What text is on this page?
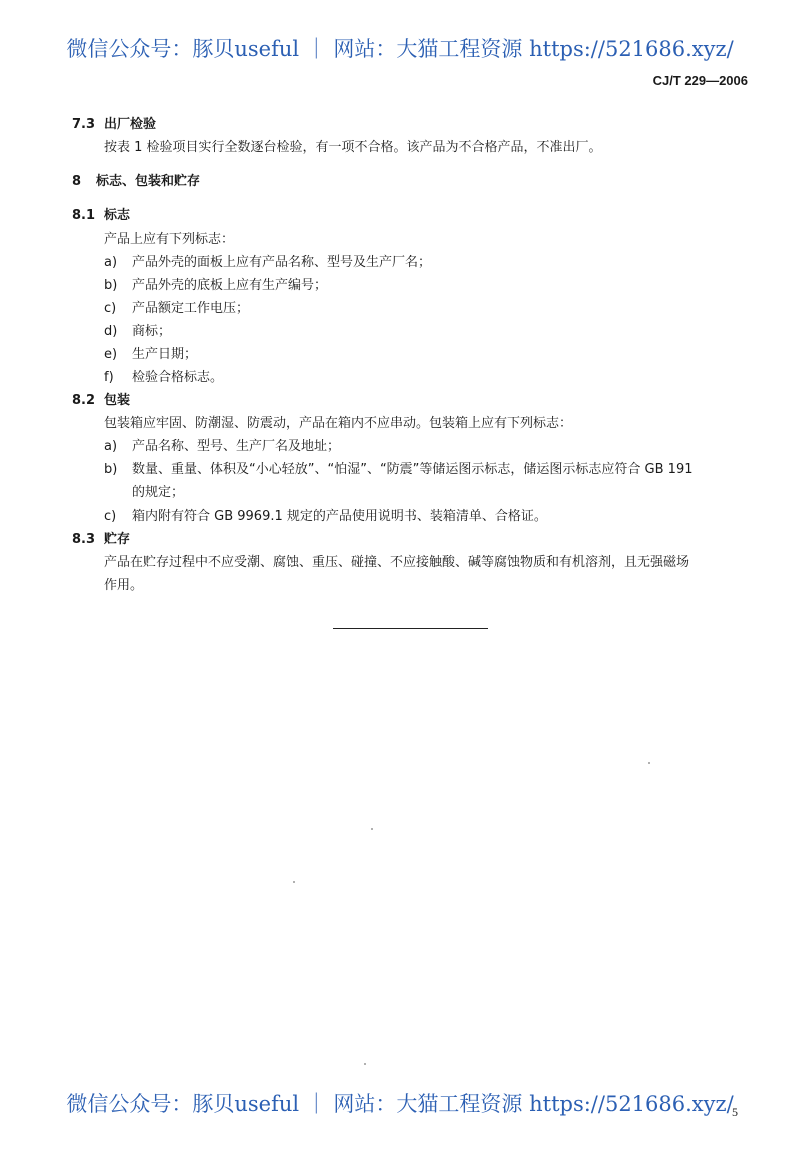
微信公众号：豚贝useful ｜ 网站：大猫工程资源 https://521686.xyz/
CJ/T 229—2006
7.3 出厂检验
按表 1 检验项目实行全数逐台检验，有一项不合格。该产品为不合格产品，不准出厂。
8 标志、包装和贮存
8.1 标志
产品上应有下列标志：
a) 产品外壳的面板上应有产品名称、型号及生产厂名；
b) 产品外壳的底板上应有生产编号；
c) 产品额定工作电压；
d) 商标；
e) 生产日期；
f) 检验合格标志。
8.2 包装
包装箱应牢固、防潮湿、防震动，产品在箱内不应串动。包装箱上应有下列标志：
a) 产品名称、型号、生产厂名及地址；
b) 数量、重量、体积及“小心轻放”、“怕湿”、“防震”等储运图示标志，储运图示标志应符合 GB 191
的规定；
c) 箱内附有符合 GB 9969.1 规定的产品使用说明书、装箱清单、合格证。
8.3 贮存
产品在贮存过程中不应受潮、腐蚀、重压、碰撞、不应接触酸、碱等腐蚀物质和有机溶剂，且无强磁场
作用。
微信公众号：豚贝useful ｜ 网站：大猫工程资源 https://521686.xyz/
5
